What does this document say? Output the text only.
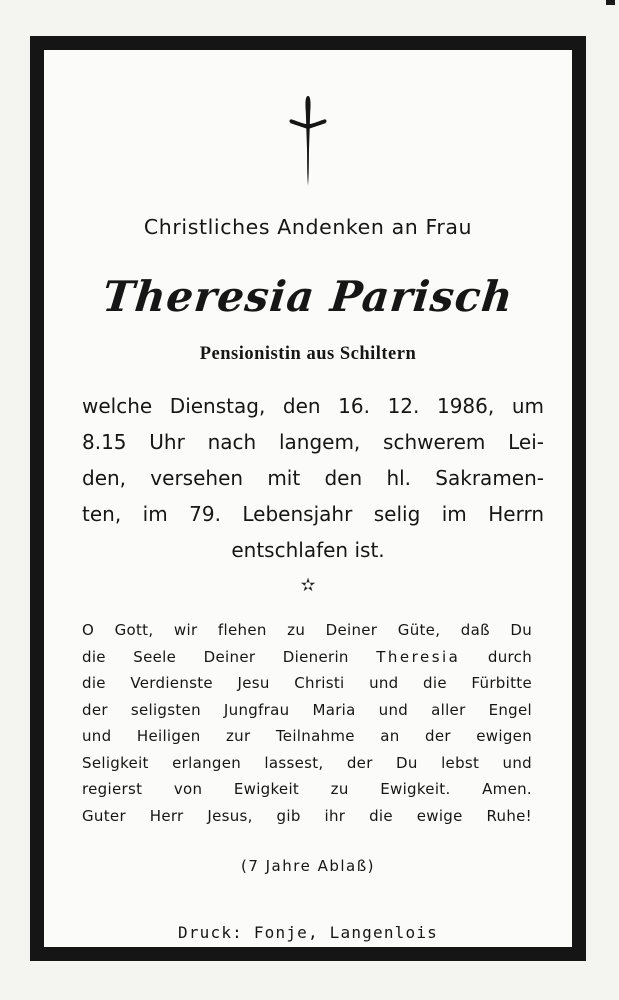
Christliches Andenken an Frau

Theresia Parisch

Pensionistin aus Schiltern

welche Dienstag, den 16. 12. 1986, um
8.15 Uhr nach langem, schwerem Lei-
den, versehen mit den hl. Sakramen-
ten, im 79. Lebensjahr selig im Herrn
entschlafen ist.
✫
O Gott, wir flehen zu Deiner Güte, daß Du
die Seele Deiner Dienerin Theresia durch
die Verdienste Jesu Christi und die Fürbitte
der seligsten Jungfrau Maria und aller Engel
und Heiligen zur Teilnahme an der ewigen
Seligkeit erlangen lassest, der Du lebst und
regierst von Ewigkeit zu Ewigkeit. Amen.
Guter Herr Jesus, gib ihr die ewige Ruhe!

(7 Jahre Ablaß)

Druck: Fonje, Langenlois
